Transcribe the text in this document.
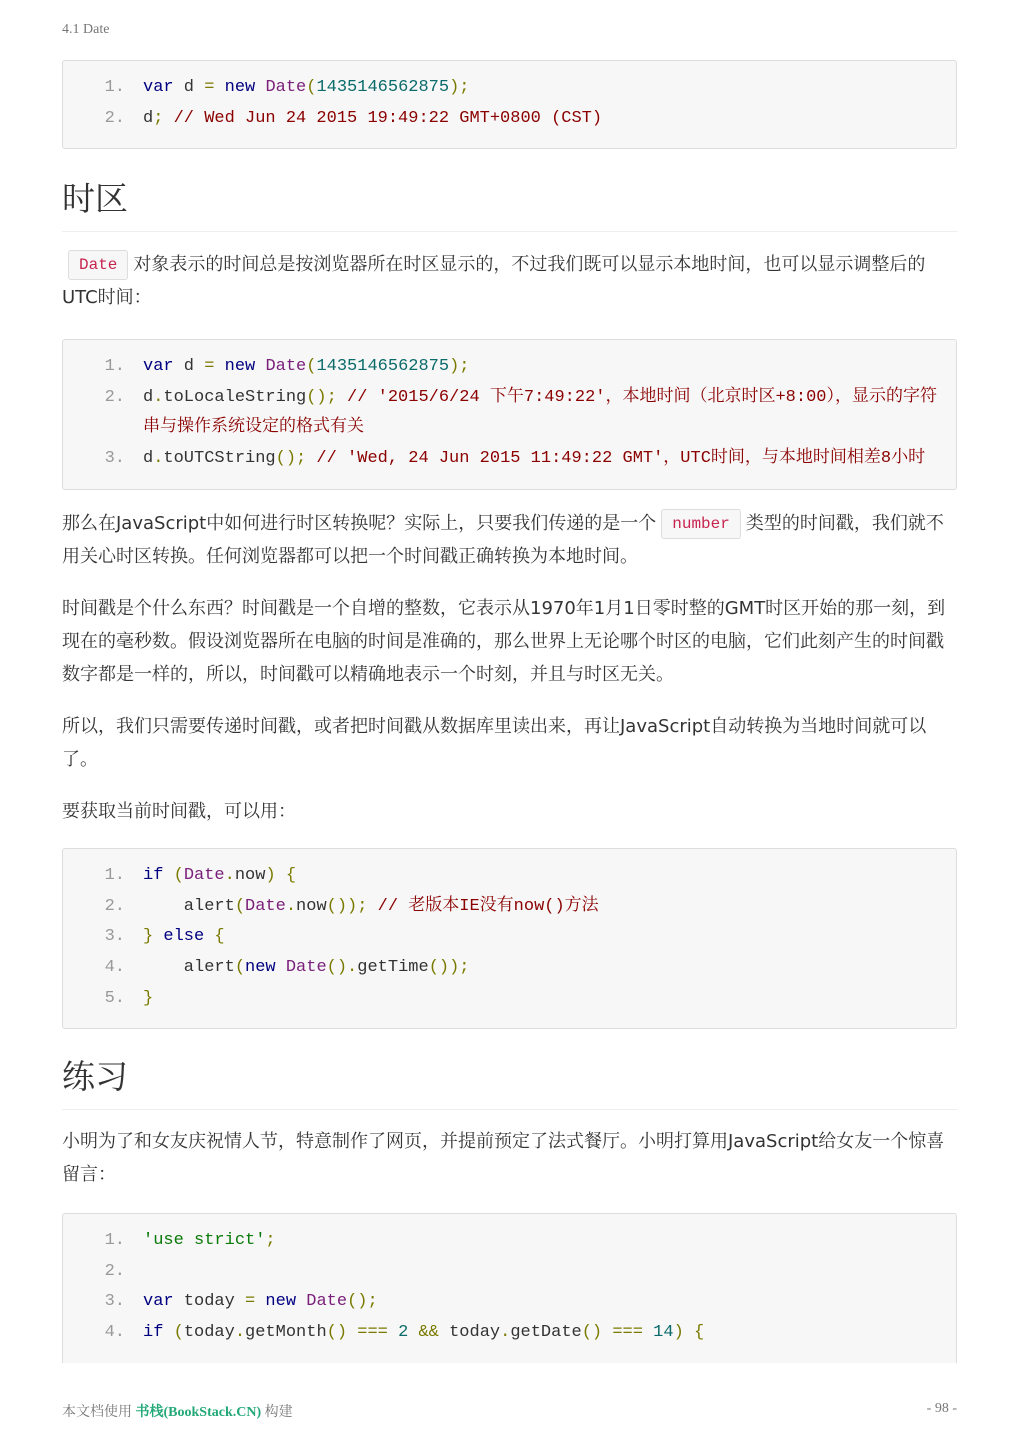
4.1 Date
1.	var d = new Date(1435146562875);
2.	d; // Wed Jun 24 2015 19:49:22 GMT+0800 (CST)
时区

Date 对象表示的时间总是按浏览器所在时区显示的，不过我们既可以显示本地时间，也可以显示调整后的UTC时间：

1.	var d = new Date(1435146562875);
2.	d.toLocaleString(); // '2015/6/24 下午7:49:22'，本地时间（北京时区+8:00），显示的字符串与操作系统设定的格式有关
3.	d.toUTCString(); // 'Wed, 24 Jun 2015 11:49:22 GMT'，UTC时间，与本地时间相差8小时

那么在JavaScript中如何进行时区转换呢？实际上，只要我们传递的是一个 number 类型的时间戳，我们就不用关心时区转换。任何浏览器都可以把一个时间戳正确转换为本地时间。

时间戳是个什么东西？时间戳是一个自增的整数，它表示从1970年1月1日零时整的GMT时区开始的那一刻，到现在的毫秒数。假设浏览器所在电脑的时间是准确的，那么世界上无论哪个时区的电脑，它们此刻产生的时间戳数字都是一样的，所以，时间戳可以精确地表示一个时刻，并且与时区无关。

所以，我们只需要传递时间戳，或者把时间戳从数据库里读出来，再让JavaScript自动转换为当地时间就可以了。

要获取当前时间戳，可以用：

1.	if (Date.now) {
2.	alert(Date.now()); // 老版本IE没有now()方法
3.	} else {
4.	alert(new Date().getTime());
5.	}
练习

小明为了和女友庆祝情人节，特意制作了网页，并提前预定了法式餐厅。小明打算用JavaScript给女友一个惊喜留言：

1.	'use strict';
2.

3.	var today = new Date();
4.	if (today.getMonth() === 2 && today.getDate() === 14) {
本文档使用 书栈(BookStack.CN) 构建	- 98 -
